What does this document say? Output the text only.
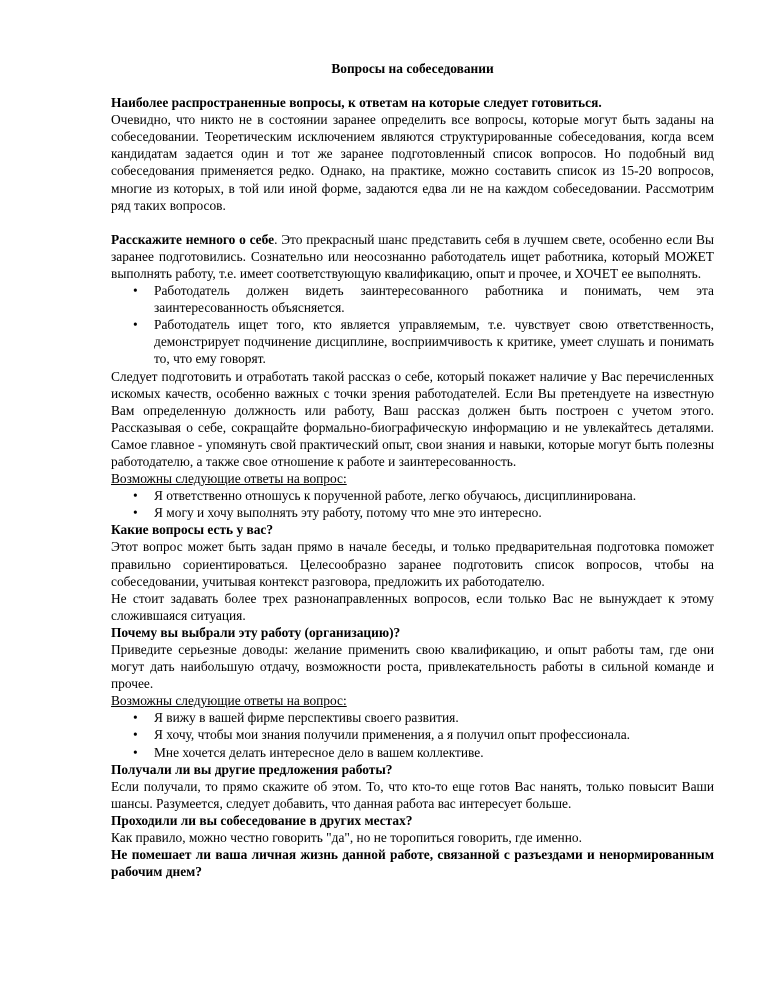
Вопросы на собеседовании

Наиболее распространенные вопросы, к ответам на которые следует готовиться.

Очевидно, что никто не в состоянии заранее определить все вопросы, которые могут быть заданы на собеседовании. Теоретическим исключением являются структурированные собеседования, когда всем кандидатам задается один и тот же заранее подготовленный список вопросов. Но подобный вид собеседования применяется редко. Однако, на практике, можно составить список из 15-20 вопросов, многие из которых, в той или иной форме, задаются едва ли не на каждом собеседовании. Рассмотрим ряд таких вопросов.

Расскажите немного о себе. Это прекрасный шанс представить себя в лучшем свете, особенно если Вы заранее подготовились. Сознательно или неосознанно работодатель ищет работника, который МОЖЕТ выполнять работу, т.е. имеет соответствующую квалификацию, опыт и прочее, и ХОЧЕТ ее выполнять.

• Работодатель должен видеть заинтересованного работника и понимать, чем эта заинтересованность объясняется.
• Работодатель ищет того, кто является управляемым, т.е. чувствует свою ответственность, демонстрирует подчинение дисциплине, восприимчивость к критике, умеет слушать и понимать то, что ему говорят.

Следует подготовить и отработать такой рассказ о себе, который покажет наличие у Вас перечисленных искомых качеств, особенно важных с точки зрения работодателей. Если Вы претендуете на известную Вам определенную должность или работу, Ваш рассказ должен быть построен с учетом этого. Рассказывая о себе, сокращайте формально-биографическую информацию и не увлекайтесь деталями. Самое главное - упомянуть свой практический опыт, свои знания и навыки, которые могут быть полезны работодателю, а также свое отношение к работе и заинтересованность.

Возможны следующие ответы на вопрос:

• Я ответственно отношусь к порученной работе, легко обучаюсь, дисциплинирована.
• Я могу и хочу выполнять эту работу, потому что мне это интересно.

Какие вопросы есть у вас?

Этот вопрос может быть задан прямо в начале беседы, и только предварительная подготовка поможет правильно сориентироваться. Целесообразно заранее подготовить список вопросов, чтобы на собеседовании, учитывая контекст разговора, предложить их работодателю.

Не стоит задавать более трех разнонаправленных вопросов, если только Вас не вынуждает к этому сложившаяся ситуация.

Почему вы выбрали эту работу (организацию)?

Приведите серьезные доводы: желание применить свою квалификацию, и опыт работы там, где они могут дать наибольшую отдачу, возможности роста, привлекательность работы в сильной команде и прочее.

Возможны следующие ответы на вопрос:

• Я вижу в вашей фирме перспективы своего развития.
• Я хочу, чтобы мои знания получили применения, а я получил опыт профессионала.
• Мне хочется делать интересное дело в вашем коллективе.

Получали ли вы другие предложения работы?

Если получали, то прямо скажите об этом. То, что кто-то еще готов Вас нанять, только повысит Ваши шансы. Разумеется, следует добавить, что данная работа вас интересует больше.

Проходили ли вы собеседование в других местах?

Как правило, можно честно говорить "да", но не торопиться говорить, где именно.

Не помешает ли ваша личная жизнь данной работе, связанной с разъездами и ненормированным рабочим днем?
